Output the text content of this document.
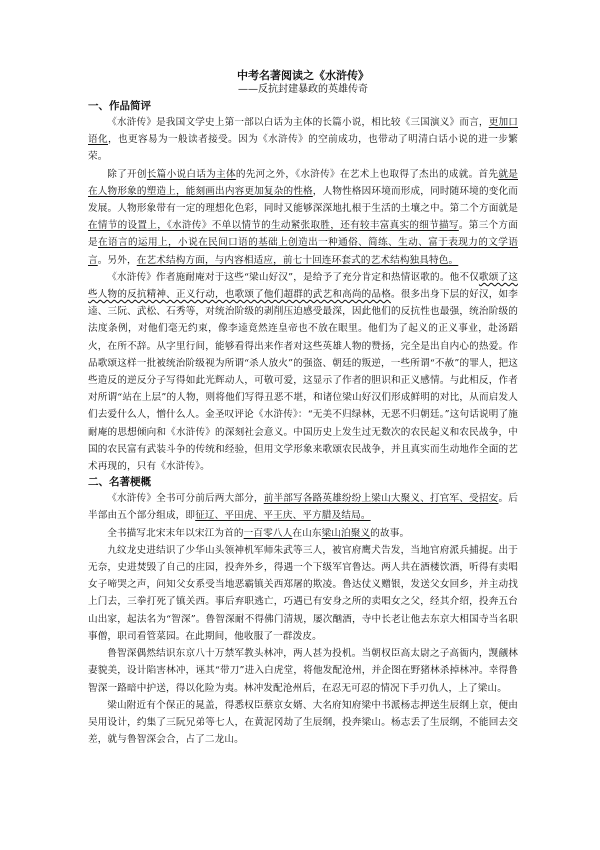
中考名著阅读之《水浒传》

——反抗封建暴政的英雄传奇

一、作品简评

《水浒传》是我国文学史上第一部以白话为主体的长篇小说，相比较《三国演义》而言，更加口语化，也更容易为一般读者接受。因为《水浒传》的空前成功，也带动了明清白话小说的进一步繁荣。

除了开创长篇小说白话为主体的先河之外，《水浒传》在艺术上也取得了杰出的成就。首先就是在人物形象的塑造上，能刻画出内容更加复杂的性格，人物性格因环境而形成，同时随环境的变化而发展。人物形象带有一定的理想化色彩，同时又能够深深地扎根于生活的土壤之中。第二个方面就是在情节的设置上，《水浒传》不单以情节的生动紧张取胜，还有较丰富真实的细节描写。第三个方面是在语言的运用上，小说在民间口语的基础上创造出一种通俗、简练、生动、富于表现力的文学语言。另外，在艺术结构方面，与内容相适应，前七十回连环套式的艺术结构独具特色。

《水浒传》作者施耐庵对于这些“梁山好汉”，是给予了充分肯定和热情讴歌的。他不仅歌颂了这些人物的反抗精神、正义行动，也歌颂了他们超群的武艺和高尚的品格。很多出身下层的好汉，如李逵、三阮、武松、石秀等，对统治阶级的剥削压迫感受最深，因此他们的反抗性也最强，统治阶级的法度条例，对他们毫无约束，像李逵竟然连皇帝也不放在眼里。他们为了起义的正义事业，赴汤蹈火，在所不辞。从字里行间，能够看得出来作者对这些英雄人物的赞扬，完全是出自内心的热爱。作品歌颂这样一批被统治阶级视为所谓“杀人放火”的强盗、朝廷的叛逆，一些所谓“不赦”的罪人，把这些造反的逆反分子写得如此光辉动人，可敬可爱，这显示了作者的胆识和正义感情。与此相反，作者对所谓“站在上层”的人物，则将他们写得丑恶不堪，和诸位梁山好汉们形成鲜明的对比，从而启发人们去爱什么人，憎什么人。金圣叹评论《水浒传》：“无美不归绿林，无恶不归朝廷。”这句话说明了施耐庵的思想倾向和《水浒传》的深刻社会意义。中国历史上发生过无数次的农民起义和农民战争，中国的农民富有武装斗争的传统和经验，但用文学形象来歌颂农民战争，并且真实而生动地作全面的艺术再现的，只有《水浒传》。

二、名著梗概

《水浒传》全书可分前后两大部分，前半部写各路英雄纷纷上梁山大聚义、打官军、受招安。后半部由五个部分组成，即征辽、平田虎、平王庆、平方腊及结局。

全书描写北宋末年以宋江为首的一百零八人在山东梁山泊聚义的故事。

九纹龙史进结识了少华山头领神机军师朱武等三人，被官府鹰犬告发，当地官府派兵捕捉。出于无奈，史进焚毁了自己的庄园，投奔外乡，得遇一个下级军官鲁达。两人共在酒楼饮酒，听得有卖唱女子啼哭之声，问知父女系受当地恶霸镇关西郑屠的欺凌。鲁达仗义赠银，发送父女回乡，并主动找上门去，三拳打死了镇关西。事后弃职逃亡，巧遇已有安身之所的卖唱女之父，经其介绍，投奔五台山出家，起法名为“智深”。鲁智深耐不得佛门清规，屡次酗酒，寺中长老让他去东京大相国寺当名职事僧，职司看管菜园。在此期间，他收服了一群泼皮。

鲁智深偶然结识东京八十万禁军教头林冲，两人甚为投机。当朝权臣高太尉之子高衙内，觊觎林妻貌美，设计陷害林冲，诬其“带刀”进入白虎堂，将他发配沧州，并企图在野猪林杀掉林冲。幸得鲁智深一路暗中护送，得以化险为夷。林冲发配沧州后，在忍无可忍的情况下手刃仇人，上了梁山。

梁山附近有个保正的晁盖，得悉权臣蔡京女婿、大名府知府梁中书派杨志押送生辰纲上京，便由吴用设计，约集了三阮兄弟等七人，在黄泥冈劫了生辰纲，投奔梁山。杨志丢了生辰纲，不能回去交差，就与鲁智深会合，占了二龙山。
